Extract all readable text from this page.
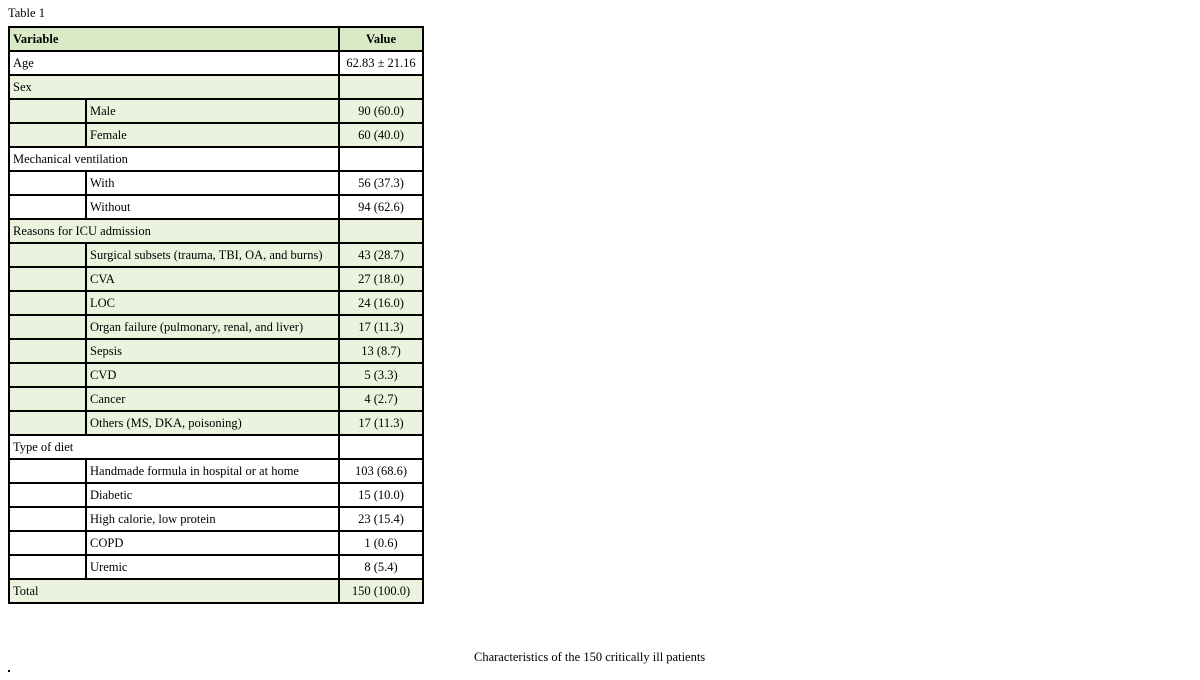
Table 1
Variable		Value
Age		62.83 ± 21.16
Sex		
	Male	90 (60.0)
	Female	60 (40.0)
Mechanical ventilation		
	With	56 (37.3)
	Without	94 (62.6)
Reasons for ICU admission		
	Surgical subsets (trauma, TBI, OA, and burns)	43 (28.7)
	CVA	27 (18.0)
	LOC	24 (16.0)
	Organ failure (pulmonary, renal, and liver)	17 (11.3)
	Sepsis	13 (8.7)
	CVD	5 (3.3)
	Cancer	4 (2.7)
	Others (MS, DKA, poisoning)	17 (11.3)
Type of diet		
	Handmade formula in hospital or at home	103 (68.6)
	Diabetic	15 (10.0)
	High calorie, low protein	23 (15.4)
	COPD	1 (0.6)
	Uremic	8 (5.4)
Total		150 (100.0)
Characteristics of the 150 critically ill patients
